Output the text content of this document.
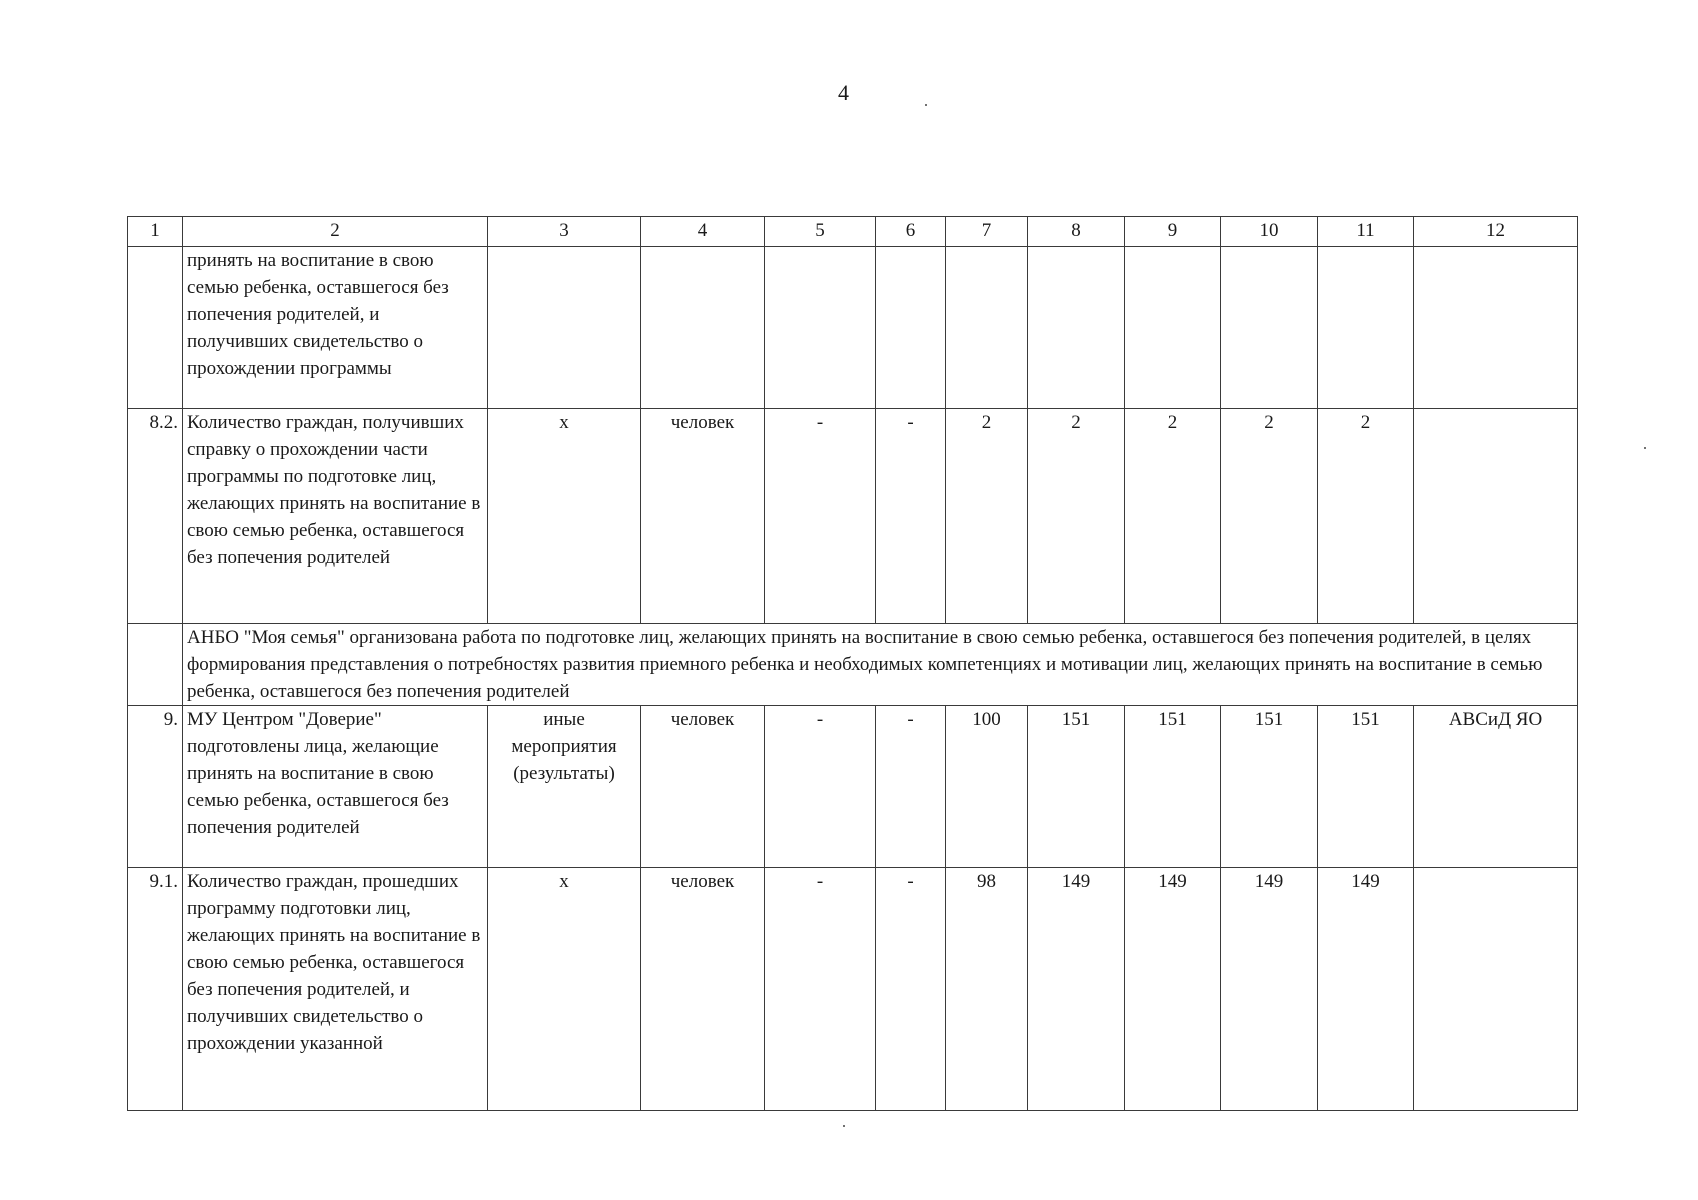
4
1	2	3	4	5	6	7	8	9	10	11	12
	принять на воспитание в свою семью ребенка, оставшегося без попечения родителей, и получивших свидетельство о прохождении программы										
8.2.	Количество граждан, получивших справку о прохождении части программы по подготовке лиц, желающих принять на воспитание в свою семью ребенка, оставшегося без попечения родителей	х	человек	-	-	2	2	2	2	2	
	АНБО "Моя семья" организована работа по подготовке лиц, желающих принять на воспитание в свою семью ребенка, оставшегося без попечения родителей, в целях формирования представления о потребностях развития приемного ребенка и необходимых компетенциях и мотивации лиц, желающих принять на воспитание в семью ребенка, оставшегося без попечения родителей										
9.	МУ Центром "Доверие" подготовлены лица, желающие принять на воспитание в свою семью ребенка, оставшегося без попечения родителей	иные мероприятия (результаты)	человек	-	-	100	151	151	151	151	АВСиД ЯО
9.1.	Количество граждан, прошедших программу подготовки лиц, желающих принять на воспитание в свою семью ребенка, оставшегося без попечения родителей, и получивших свидетельство о прохождении указанной	х	человек	-	-	98	149	149	149	149	
